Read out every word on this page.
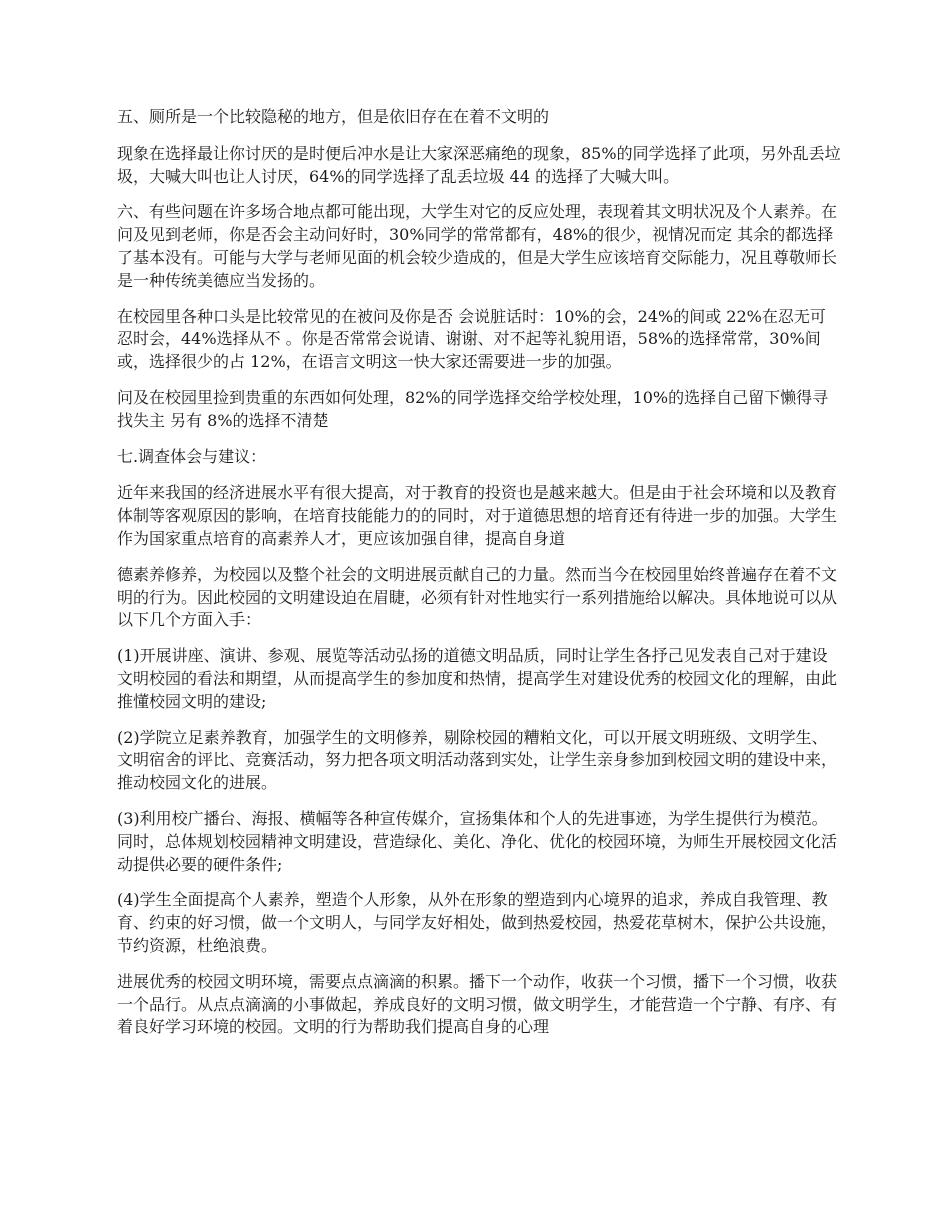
五、厕所是一个比较隐秘的地方，但是依旧存在在着不文明的

现象在选择最让你讨厌的是时便后冲水是让大家深恶痛绝的现象，85%的同学选择了此项，另外乱丢垃圾，大喊大叫也让人讨厌，64%的同学选择了乱丢垃圾 44 的选择了大喊大叫。

六、有些问题在许多场合地点都可能出现，大学生对它的反应处理，表现着其文明状况及个人素养。在问及见到老师，你是否会主动问好时，30%同学的常常都有，48%的很少，视情况而定 其余的都选择了基本没有。可能与大学与老师见面的机会较少造成的，但是大学生应该培育交际能力，况且尊敬师长是一种传统美德应当发扬的。

在校园里各种口头是比较常见的在被问及你是否 会说脏话时：10%的会，24%的间或 22%在忍无可忍时会，44%选择从不 。你是否常常会说请、谢谢、对不起等礼貌用语，58%的选择常常，30%间或，选择很少的占 12%，在语言文明这一快大家还需要进一步的加强。

问及在校园里捡到贵重的东西如何处理，82%的同学选择交给学校处理，10%的选择自己留下懒得寻找失主 另有 8%的选择不清楚

七.调查体会与建议：

近年来我国的经济进展水平有很大提高，对于教育的投资也是越来越大。但是由于社会环境和以及教育体制等客观原因的影响，在培育技能能力的的同时，对于道德思想的培育还有待进一步的加强。大学生作为国家重点培育的高素养人才，更应该加强自律，提高自身道

德素养修养，为校园以及整个社会的文明进展贡献自己的力量。然而当今在校园里始终普遍存在着不文明的行为。因此校园的文明建设迫在眉睫，必须有针对性地实行一系列措施给以解决。具体地说可以从以下几个方面入手：

(1)开展讲座、演讲、参观、展览等活动弘扬的道德文明品质，同时让学生各抒己见发表自己对于建设文明校园的看法和期望，从而提高学生的参加度和热情，提高学生对建设优秀的校园文化的理解，由此推懂校园文明的建设;

(2)学院立足素养教育，加强学生的文明修养，剔除校园的糟粕文化，可以开展文明班级、文明学生、文明宿舍的评比、竞赛活动，努力把各项文明活动落到实处，让学生亲身参加到校园文明的建设中来，推动校园文化的进展。

(3)利用校广播台、海报、横幅等各种宣传媒介，宣扬集体和个人的先进事迹，为学生提供行为模范。同时，总体规划校园精神文明建设，营造绿化、美化、净化、优化的校园环境，为师生开展校园文化活动提供必要的硬件条件;

(4)学生全面提高个人素养，塑造个人形象，从外在形象的塑造到内心境界的追求，养成自我管理、教育、约束的好习惯，做一个文明人，与同学友好相处，做到热爱校园，热爱花草树木，保护公共设施，节约资源，杜绝浪费。

进展优秀的校园文明环境，需要点点滴滴的积累。播下一个动作，收获一个习惯，播下一个习惯，收获一个品行。从点点滴滴的小事做起，养成良好的文明习惯，做文明学生，才能营造一个宁静、有序、有着良好学习环境的校园。文明的行为帮助我们提高自身的心理
